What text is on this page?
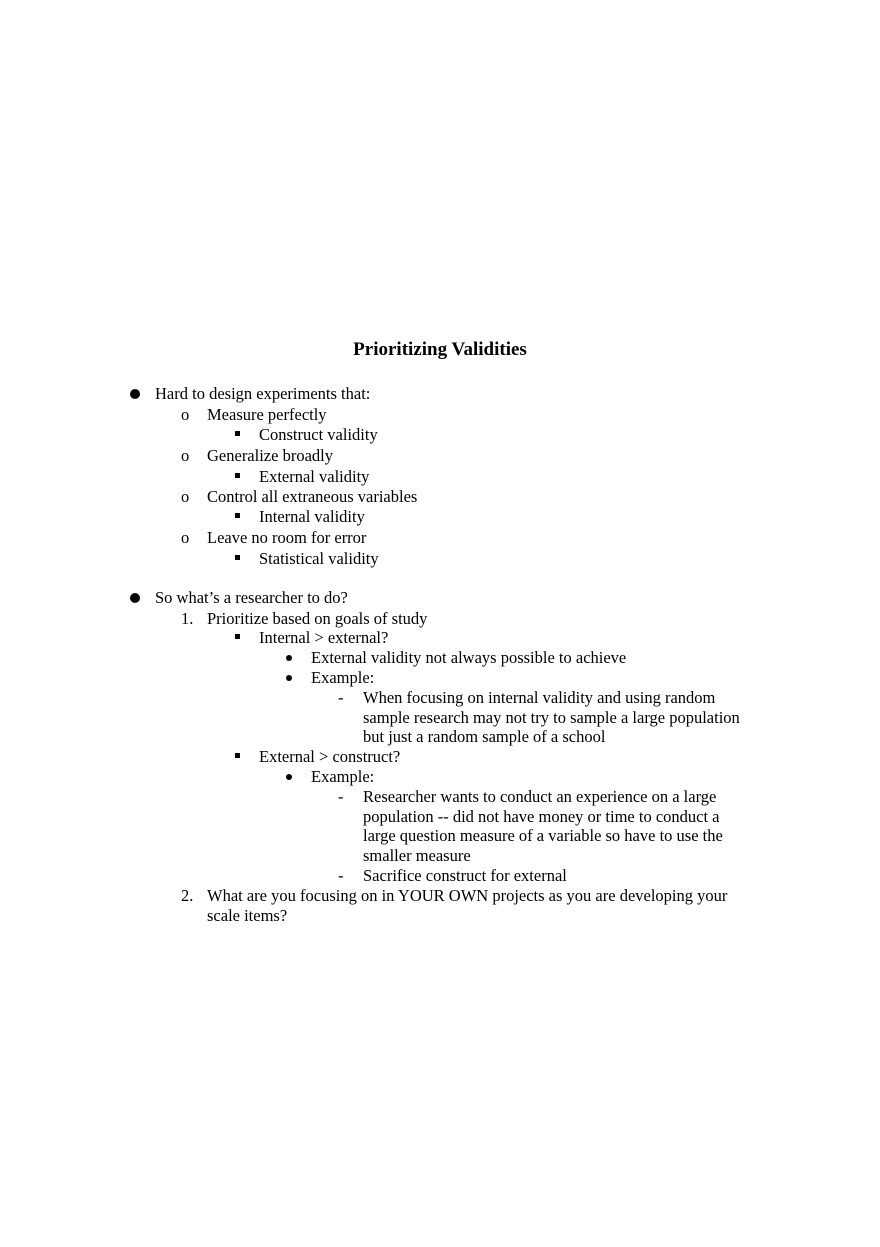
Prioritizing Validities
Hard to design experiments that:
o Measure perfectly
Construct validity
o Generalize broadly
External validity
o Control all extraneous variables
Internal validity
o Leave no room for error
Statistical validity
So what’s a researcher to do?
1. Prioritize based on goals of study
Internal > external?
External validity not always possible to achieve
Example:
- When focusing on internal validity and using random
sample research may not try to sample a large population
but just a random sample of a school
External > construct?
Example:
- Researcher wants to conduct an experience on a large
population -- did not have money or time to conduct a
large question measure of a variable so have to use the
smaller measure
- Sacrifice construct for external
2. What are you focusing on in YOUR OWN projects as you are developing your
scale items?
